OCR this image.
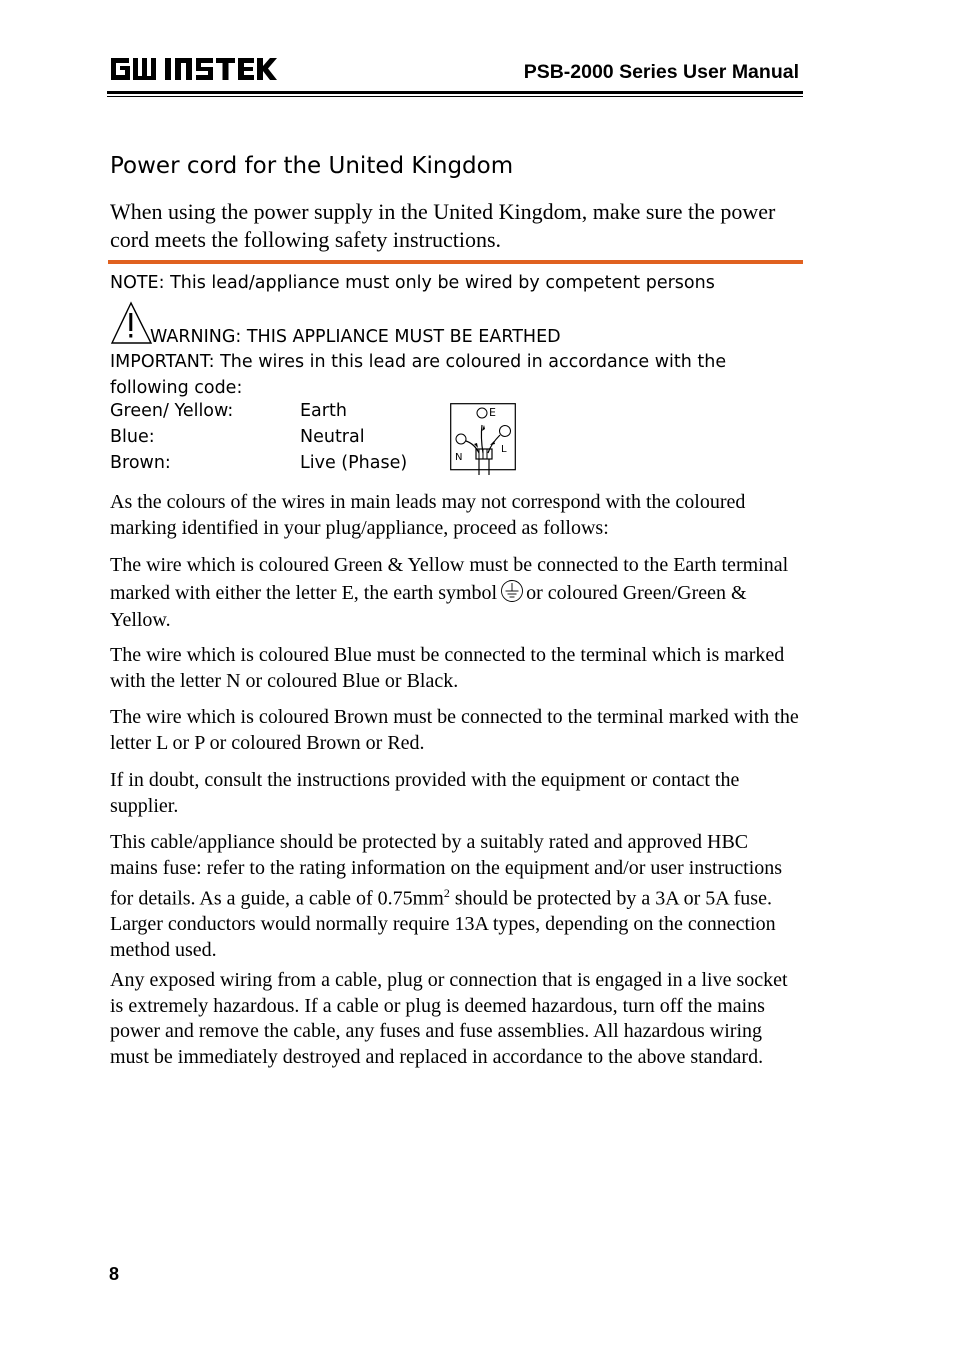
PSB-2000 Series User Manual
Power cord for the United Kingdom
When using the power supply in the United Kingdom, make sure the power cord meets the following safety instructions.
NOTE: This lead/appliance must only be wired by competent persons
WARNING: THIS APPLIANCE MUST BE EARTHED
IMPORTANT: The wires in this lead are coloured in accordance with the following code:
Green/ Yellow:	Earth
Blue:	Neutral
Brown:	Live (Phase)
E
N
L
As the colours of the wires in main leads may not correspond with the coloured marking identified in your plug/appliance, proceed as follows:
The wire which is coloured Green & Yellow must be connected to the Earth terminal marked with either the letter E, the earth symbol or coloured Green/Green & Yellow.
The wire which is coloured Blue must be connected to the terminal which is marked with the letter N or coloured Blue or Black.
The wire which is coloured Brown must be connected to the terminal marked with the letter L or P or coloured Brown or Red.
If in doubt, consult the instructions provided with the equipment or contact the supplier.
This cable/appliance should be protected by a suitably rated and approved HBC mains fuse: refer to the rating information on the equipment and/or user instructions for details. As a guide, a cable of $0.75mm^2$ should be protected by a 3A or 5A fuse. Larger conductors would normally require 13A types, depending on the connection method used.
Any exposed wiring from a cable, plug or connection that is engaged in a live socket is extremely hazardous. If a cable or plug is deemed hazardous, turn off the mains power and remove the cable, any fuses and fuse assemblies. All hazardous wiring must be immediately destroyed and replaced in accordance to the above standard.
8
